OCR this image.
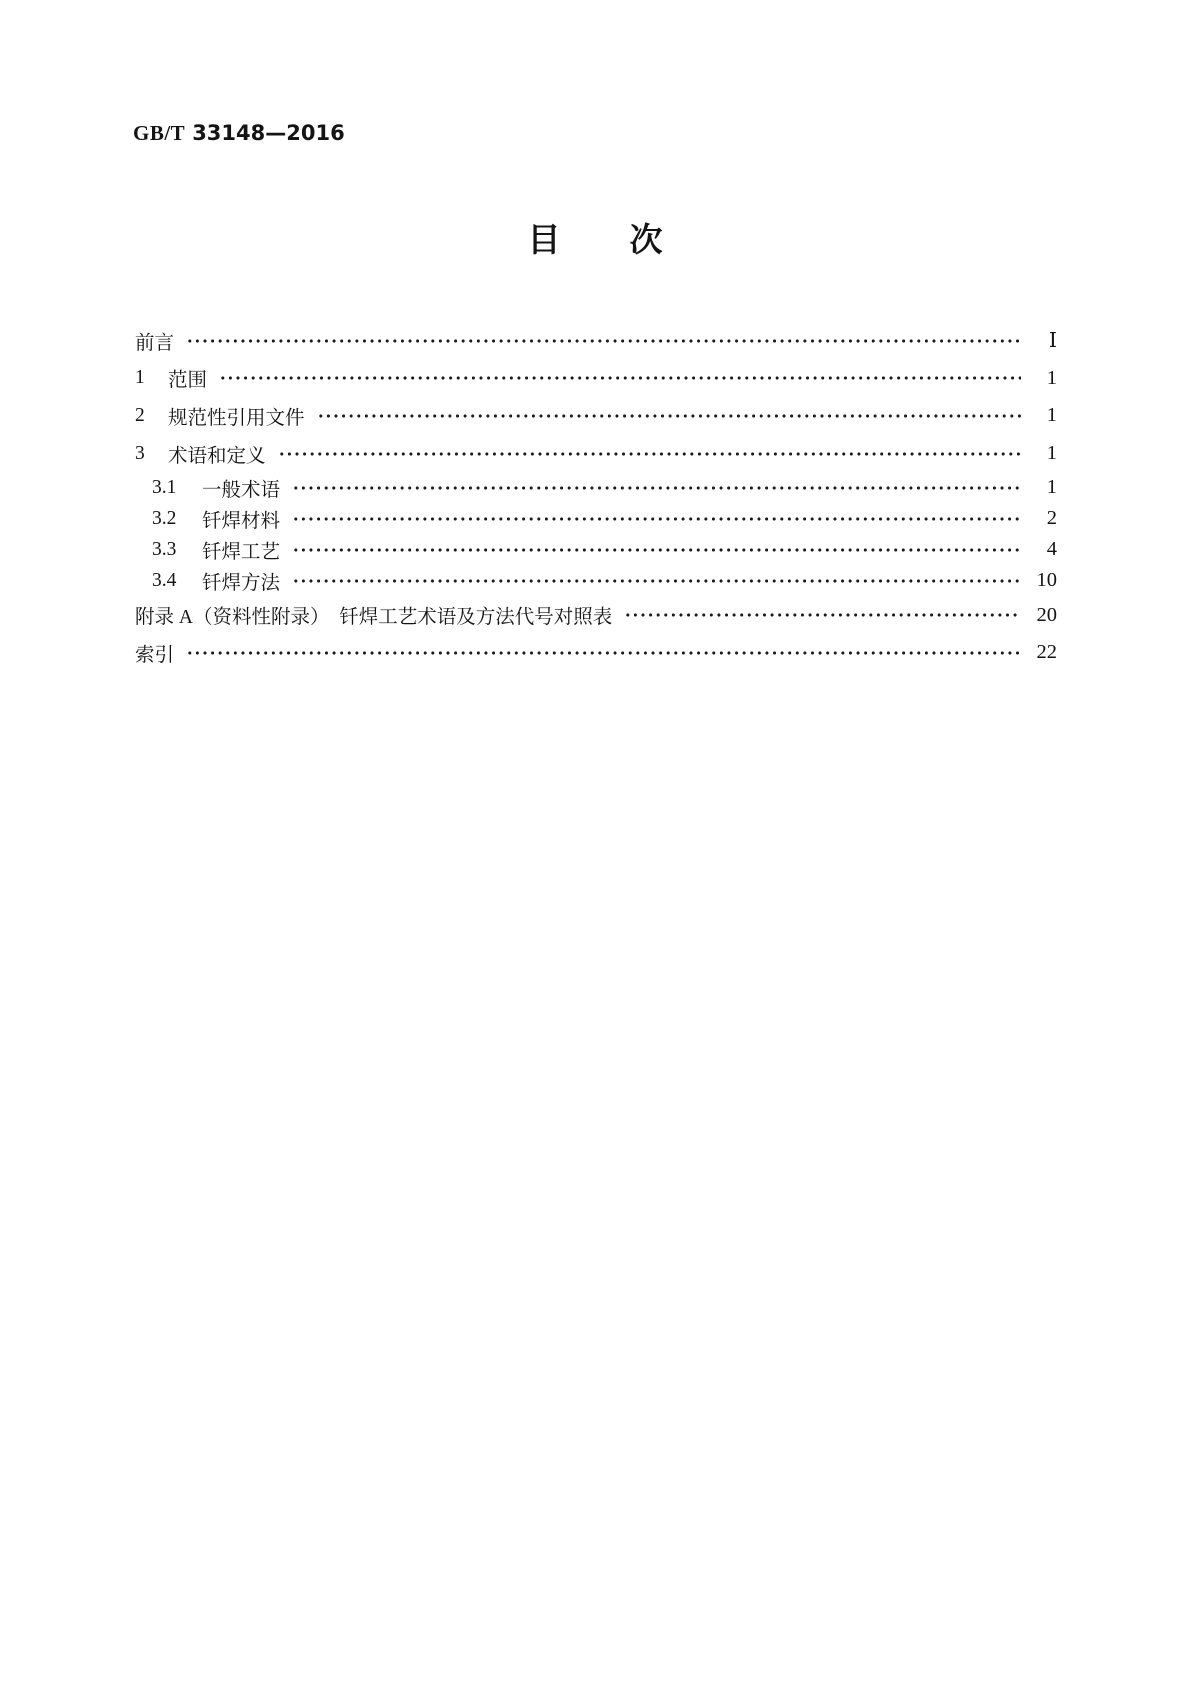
GB/T 33148—2016
目　　次
前言	Ⅰ
1	范围	1
2	规范性引用文件	1
3	术语和定义	1
3.1	一般术语	1
3.2	钎焊材料	2
3.3	钎焊工艺	4
3.4	钎焊方法	10
附录 A（资料性附录）　钎焊工艺术语及方法代号对照表	20
索引	22
